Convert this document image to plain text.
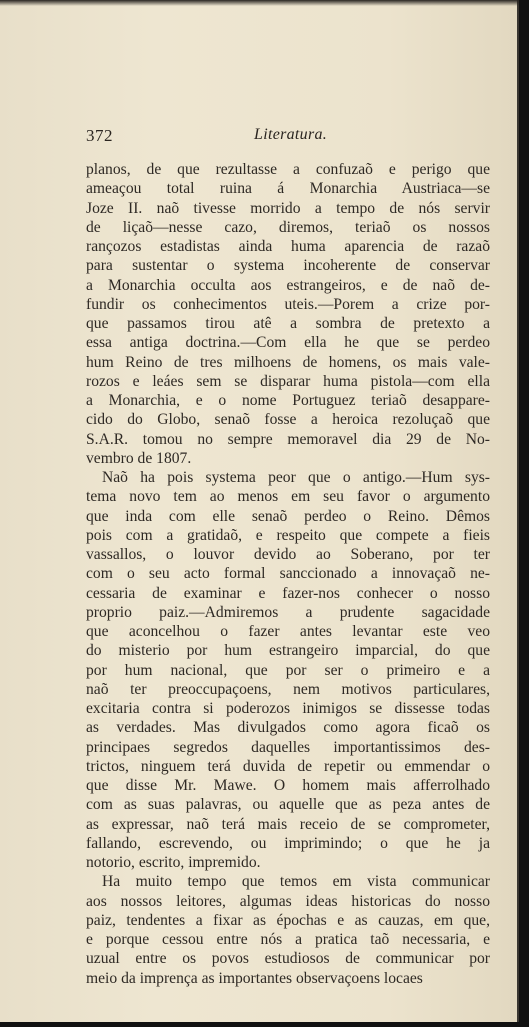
372	Literatura.
planos, de que rezultasse a confuzaõ e perigo que
ameaçou total ruina á Monarchia Austriaca—se
Joze II. naõ tivesse morrido a tempo de nós servir
de liçaõ—nesse cazo, diremos, teriaõ os nossos
rançozos estadistas ainda huma aparencia de razaõ
para sustentar o systema incoherente de conservar
a Monarchia occulta aos estrangeiros, e de naõ de-
fundir os conhecimentos uteis.—Porem a crize por-
que passamos tirou atê a sombra de pretexto a
essa antiga doctrina.—Com ella he que se perdeo
hum Reino de tres milhoens de homens, os mais vale-
rozos e leáes sem se disparar huma pistola—com ella
a Monarchia, e o nome Portuguez teriaõ desappare-
cido do Globo, senaõ fosse a heroica rezoluçaõ que
S.A.R. tomou no sempre memoravel dia 29 de No-
vembro de 1807.
Naõ ha pois systema peor que o antigo.—Hum sys-
tema novo tem ao menos em seu favor o argumento
que inda com elle senaõ perdeo o Reino. Dêmos
pois com a gratidaõ, e respeito que compete a fieis
vassallos, o louvor devido ao Soberano, por ter
com o seu acto formal sanccionado a innovaçaõ ne-
cessaria de examinar e fazer-nos conhecer o nosso
proprio paiz.—Admiremos a prudente sagacidade
que aconcelhou o fazer antes levantar este veo
do misterio por hum estrangeiro imparcial, do que
por hum nacional, que por ser o primeiro e a
naõ ter preoccupaçoens, nem motivos particulares,
excitaria contra si poderozos inimigos se dissesse todas
as verdades. Mas divulgados como agora ficaõ os
principaes segredos daquelles importantissimos des-
trictos, ninguem terá duvida de repetir ou emmendar o
que disse Mr. Mawe. O homem mais afferrolhado
com as suas palavras, ou aquelle que as peza antes de
as expressar, naõ terá mais receio de se comprometer,
fallando, escrevendo, ou imprimindo; o que he ja
notorio, escrito, impremido.
Ha muito tempo que temos em vista communicar
aos nossos leitores, algumas ideas historicas do nosso
paiz, tendentes a fixar as épochas e as cauzas, em que,
e porque cessou entre nós a pratica taõ necessaria, e
uzual entre os povos estudiosos de communicar por
meio da imprença as importantes observaçoens locaes
